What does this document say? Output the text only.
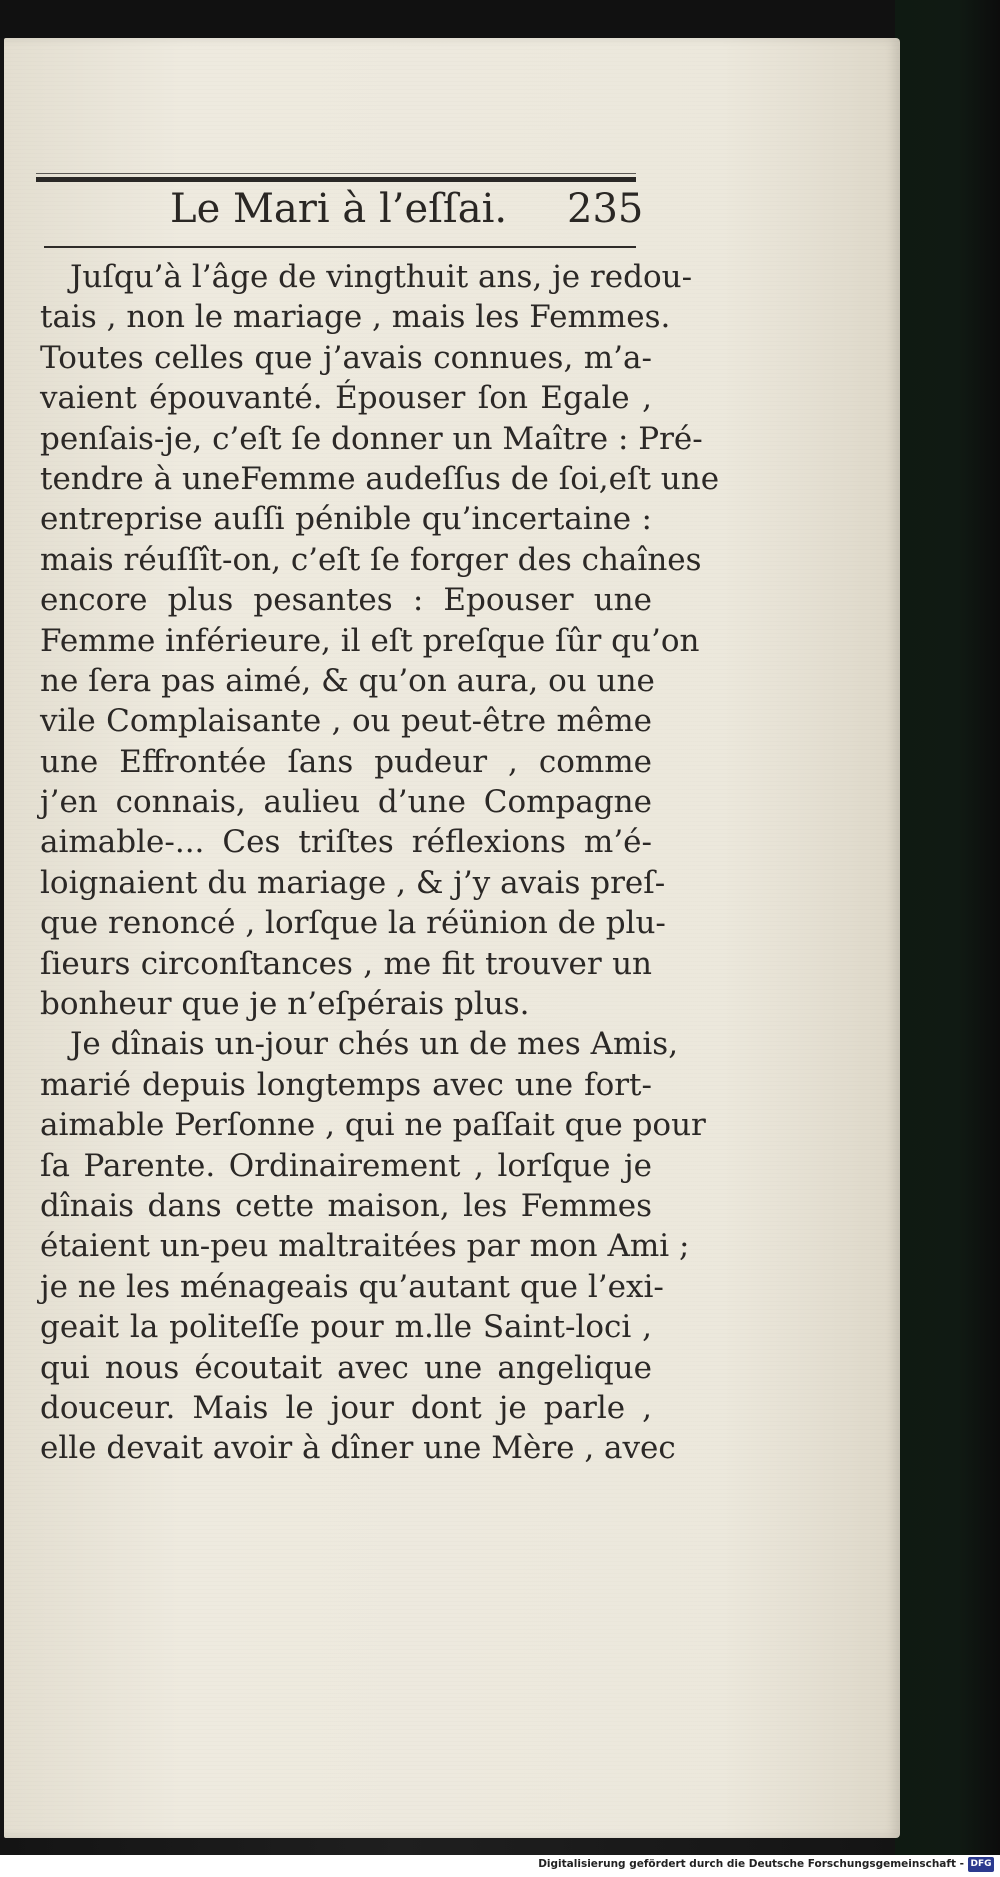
Le Mari à l’eſſai. 235
Juſqu’à l’âge de vingthuit ans, je redou-
tais , non le mariage , mais les Femmes.
Toutes celles que j’avais connues, m’a-
vaient épouvanté. Épouser ſon Egale ,
penſais-je, c’eſt ſe donner un Maître : Pré-
tendre à uneFemme audeſſus de ſoi,eſt une
entreprise auſſi pénible qu’incertaine :
mais réuſſît-on, c’eſt ſe forger des chaînes
encore plus pesantes : Epouser une
Femme inférieure, il eſt preſque ſûr qu’on
ne ſera pas aimé, & qu’on aura, ou une
vile Complaisante , ou peut-être même
une Effrontée ſans pudeur , comme
j’en connais, aulieu d’une Compagne
aimable-... Ces triſtes réflexions m’é-
loignaient du mariage , & j’y avais preſ-
que renoncé , lorſque la réünion de plu-
ſieurs circonſtances , me fit trouver un
bonheur que je n’eſpérais plus.
Je dînais un-jour chés un de mes Amis,
marié depuis longtemps avec une fort-
aimable Perſonne , qui ne paſſait que pour
ſa Parente. Ordinairement , lorſque je
dînais dans cette maison, les Femmes
étaient un-peu maltraitées par mon Ami ;
je ne les ménageais qu’autant que l’exi-
geait la politeſſe pour m.lle Saint-loci ,
qui nous écoutait avec une angelique
douceur. Mais le jour dont je parle ,
elle devait avoir à dîner une Mère , avec
Digitalisierung gefördert durch die Deutsche Forschungsgemeinschaft - DFG
